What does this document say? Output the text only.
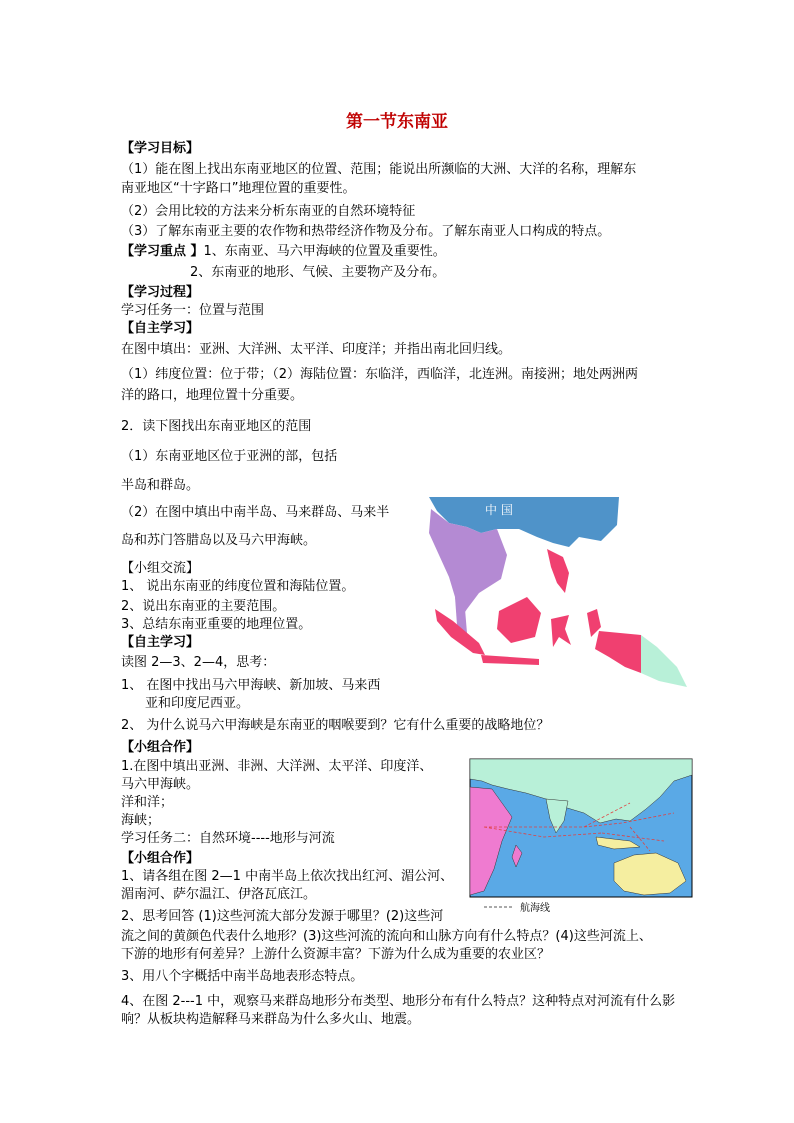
第一节东南亚
【学习目标】
（1）能在图上找出东南亚地区的位置、范围；能说出所濒临的大洲、大洋的名称，理解东
南亚地区“十字路口”地理位置的重要性。
（2）会用比较的方法来分析东南亚的自然环境特征
（3）了解东南亚主要的农作物和热带经济作物及分布。了解东南亚人口构成的特点。
【学习重点 】1、东南亚、马六甲海峡的位置及重要性。
2、东南亚的地形、气候、主要物产及分布。
【学习过程】
学习任务一：位置与范围
【自主学习】
在图中填出：亚洲、大洋洲、太平洋、印度洋；并指出南北回归线。
（1）纬度位置：位于带；（2）海陆位置：东临洋，西临洋，北连洲。南接洲；地处两洲两
洋的路口，地理位置十分重要。
2．读下图找出东南亚地区的范围
（1）东南亚地区位于亚洲的部，包括
半岛和群岛。
（2）在图中填出中南半岛、马来群岛、马来半
岛和苏门答腊岛以及马六甲海峡。
【小组交流】
1、 说出东南亚的纬度位置和海陆位置。
2、说出东南亚的主要范围。
3、总结东南亚重要的地理位置。
【自主学习】
读图 2—3、2—4，思考：
1、 在图中找出马六甲海峡、新加坡、马来西
亚和印度尼西亚。
2、 为什么说马六甲海峡是东南亚的咽喉要到？它有什么重要的战略地位？
【小组合作】
1.在图中填出亚洲、非洲、大洋洲、太平洋、印度洋、
马六甲海峡。
洋和洋；
海峡；
学习任务二：自然环境----地形与河流
【小组合作】
1、请各组在图 2—1 中南半岛上依次找出红河、湄公河、
湄南河、萨尔温江、伊洛瓦底江。
2、思考回答 (1)这些河流大部分发源于哪里？(2)这些河
流之间的黄颜色代表什么地形？(3)这些河流的流向和山脉方向有什么特点？(4)这些河流上、
下游的地形有何差异？上游什么资源丰富？下游为什么成为重要的农业区？
3、用八个字概括中南半岛地表形态特点。
4、在图 2---1 中，观察马来群岛地形分布类型、地形分布有什么特点？这种特点对河流有什么影
响？从板块构造解释马来群岛为什么多火山、地震。
中 国
航海线
